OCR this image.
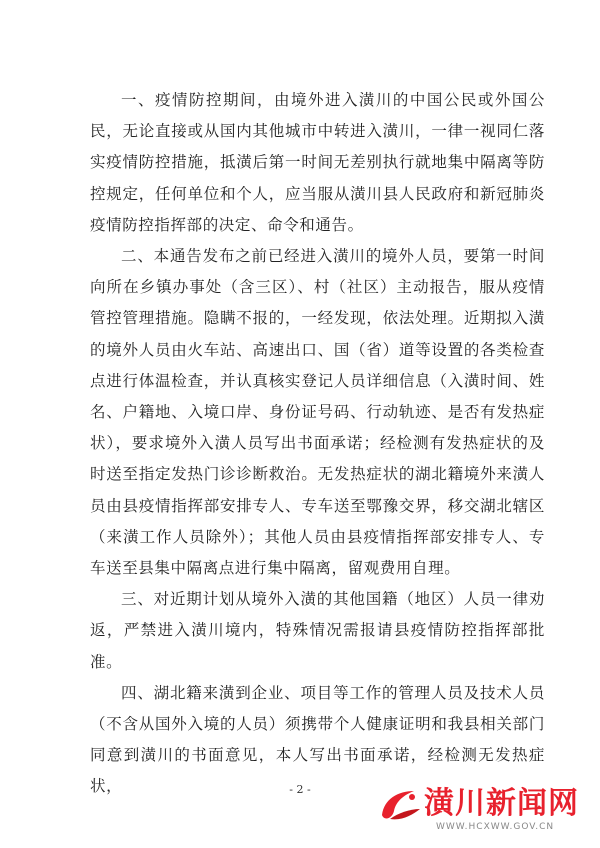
一、疫情防控期间，由境外进入潢川的中国公民或外国公民，无论直接或从国内其他城市中转进入潢川，一律一视同仁落实疫情防控措施，抵潢后第一时间无差别执行就地集中隔离等防控规定，任何单位和个人，应当服从潢川县人民政府和新冠肺炎疫情防控指挥部的决定、命令和通告。

二、本通告发布之前已经进入潢川的境外人员，要第一时间向所在乡镇办事处（含三区）、村（社区）主动报告，服从疫情管控管理措施。隐瞒不报的，一经发现，依法处理。近期拟入潢的境外人员由火车站、高速出口、国（省）道等设置的各类检查点进行体温检查，并认真核实登记人员详细信息（入潢时间、姓名、户籍地、入境口岸、身份证号码、行动轨迹、是否有发热症状），要求境外入潢人员写出书面承诺；经检测有发热症状的及时送至指定发热门诊诊断救治。无发热症状的湖北籍境外来潢人员由县疫情指挥部安排专人、专车送至鄂豫交界，移交湖北辖区（来潢工作人员除外）；其他人员由县疫情指挥部安排专人、专车送至县集中隔离点进行集中隔离，留观费用自理。

三、对近期计划从境外入潢的其他国籍（地区）人员一律劝返，严禁进入潢川境内，特殊情况需报请县疫情防控指挥部批准。

四、湖北籍来潢到企业、项目等工作的管理人员及技术人员（不含从国外入境的人员）须携带个人健康证明和我县相关部门同意到潢川的书面意见，本人写出书面承诺，经检测无发热症状，	- 2 -	潢川新闻网
WWW.HCXWW.GOV.CN
